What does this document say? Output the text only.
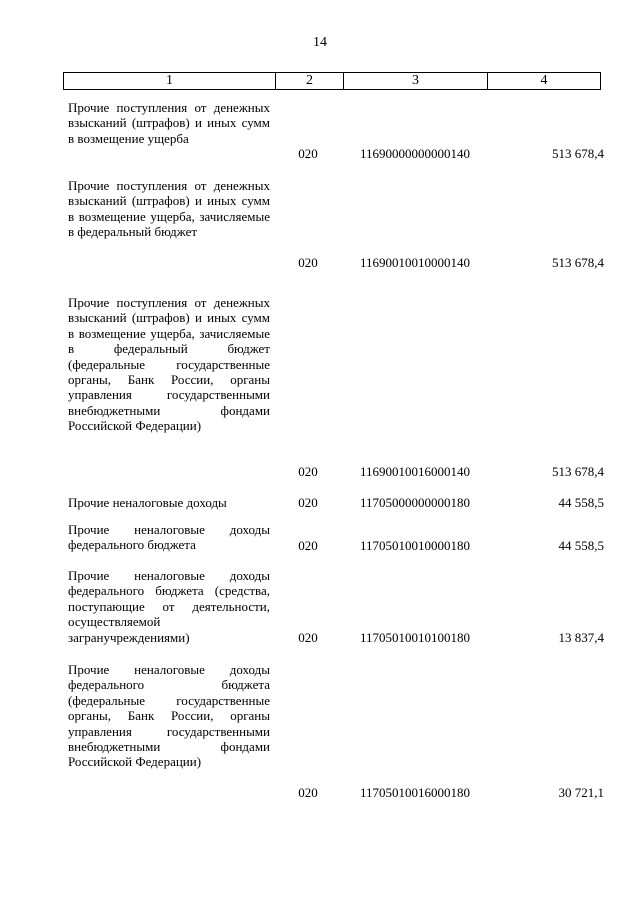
14
1	2	3	4
Прочие поступления от денежных взысканий (штрафов) и иных сумм в возмещение ущерба
020	11690000000000140	513 678,4
Прочие поступления от денежных взысканий (штрафов) и иных сумм в возмещение ущерба, зачисляемые в федеральный бюджет
020	11690010010000140	513 678,4
Прочие поступления от денежных взысканий (штрафов) и иных сумм в возмещение ущерба, зачисляемые в федеральный бюджет (федеральные государственные органы, Банк России, органы управления государственными внебюджетными фондами Российской Федерации)
020	11690010016000140	513 678,4
Прочие неналоговые доходы	020	11705000000000180	44 558,5
Прочие неналоговые доходы федерального бюджета	020	11705010010000180	44 558,5
Прочие неналоговые доходы федерального бюджета (средства, поступающие от деятельности, осуществляемой загранучреждениями)	020	11705010010100180	13 837,4
Прочие неналоговые доходы федерального бюджета (федеральные государственные органы, Банк России, органы управления государственными внебюджетными фондами Российской Федерации)
020	11705010016000180	30 721,1
